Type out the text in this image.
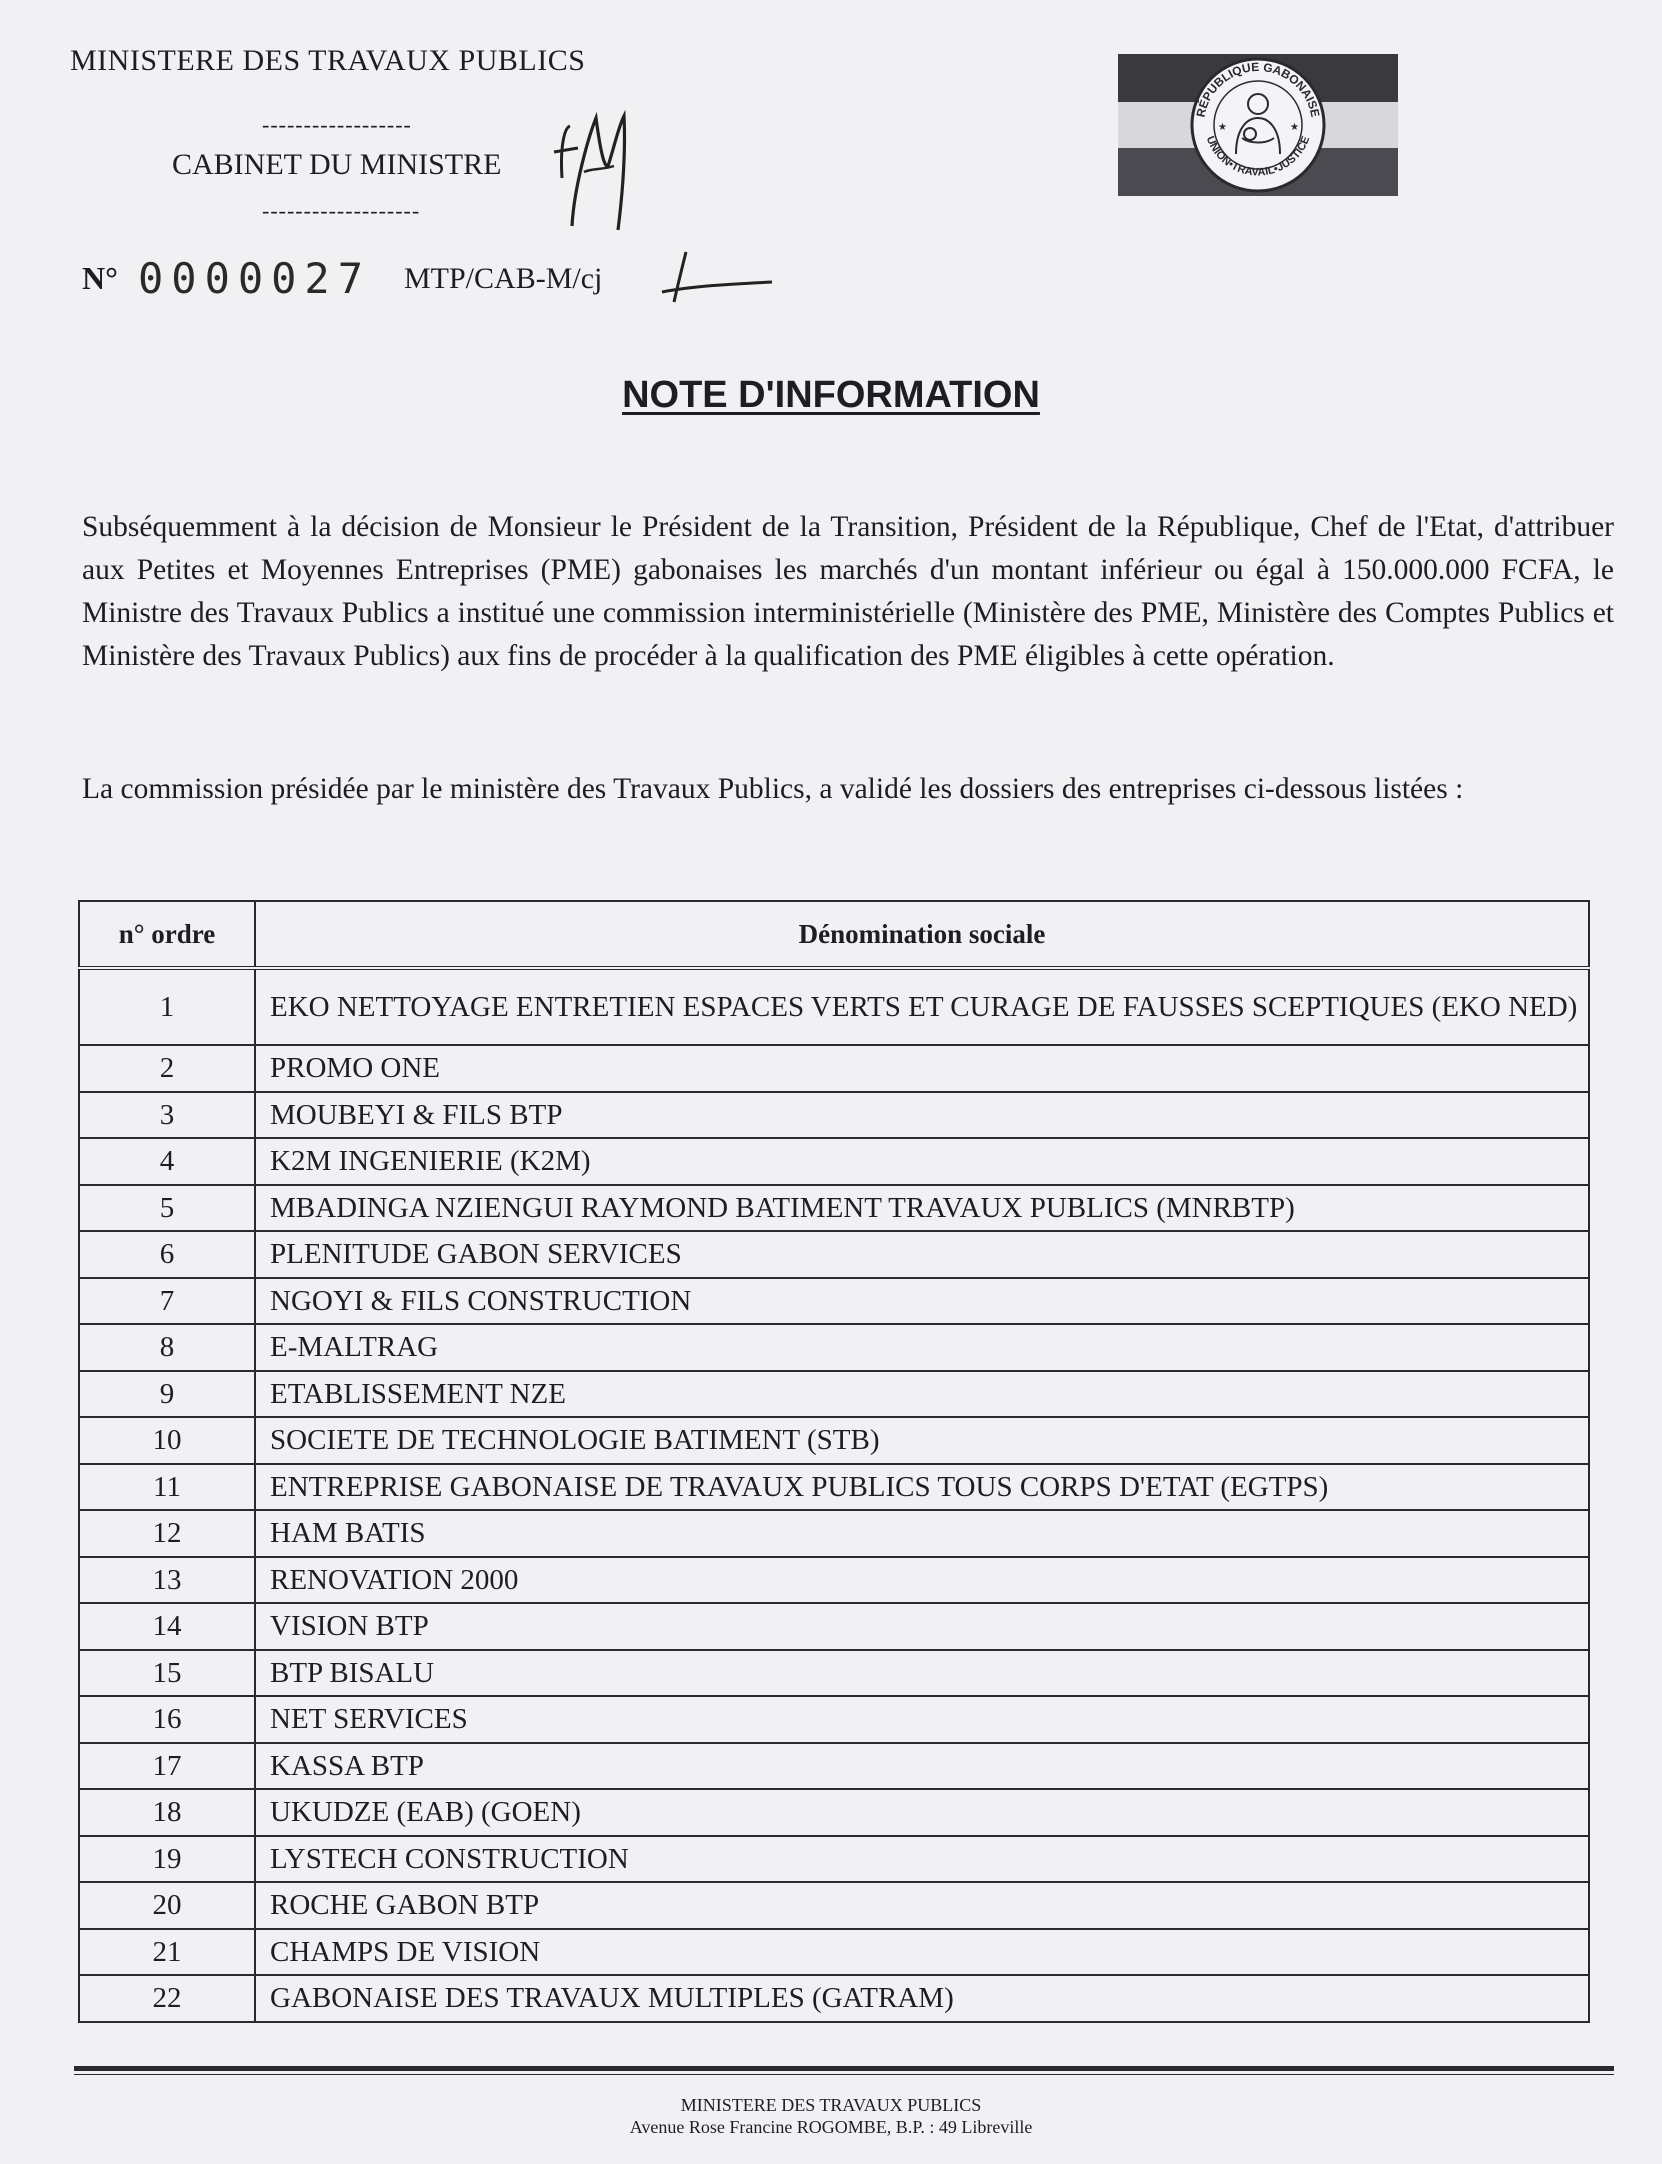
MINISTERE DES TRAVAUX PUBLICS
------------------
CABINET DU MINISTRE
-------------------
N° 0000027 MTP/CAB-M/cj
RÉPUBLIQUE GABONAISE
UNION•TRAVAIL•JUSTICE
★	★
NOTE D'INFORMATION
Subséquemment à la décision de Monsieur le Président de la Transition, Président de la République, Chef de l'Etat, d'attribuer aux Petites et Moyennes Entreprises (PME) gabonaises les marchés d'un montant inférieur ou égal à 150.000.000 FCFA, le Ministre des Travaux Publics a institué une commission interministérielle (Ministère des PME, Ministère des Comptes Publics et Ministère des Travaux Publics) aux fins de procéder à la qualification des PME éligibles à cette opération.
La commission présidée par le ministère des Travaux Publics, a validé les dossiers des entreprises ci-dessous listées :
n° ordre	Dénomination sociale
1	EKO NETTOYAGE ENTRETIEN ESPACES VERTS ET CURAGE DE FAUSSES SCEPTIQUES (EKO NED)
2	PROMO ONE
3	MOUBEYI & FILS BTP
4	K2M INGENIERIE (K2M)
5	MBADINGA NZIENGUI RAYMOND BATIMENT TRAVAUX PUBLICS (MNRBTP)
6	PLENITUDE GABON SERVICES
7	NGOYI & FILS CONSTRUCTION
8	E-MALTRAG
9	ETABLISSEMENT NZE
10	SOCIETE DE TECHNOLOGIE BATIMENT (STB)
11	ENTREPRISE GABONAISE DE TRAVAUX PUBLICS TOUS CORPS D'ETAT (EGTPS)
12	HAM BATIS
13	RENOVATION 2000
14	VISION BTP
15	BTP BISALU
16	NET SERVICES
17	KASSA BTP
18	UKUDZE (EAB) (GOEN)
19	LYSTECH CONSTRUCTION
20	ROCHE GABON BTP
21	CHAMPS DE VISION
22	GABONAISE DES TRAVAUX MULTIPLES (GATRAM)
MINISTERE DES TRAVAUX PUBLICS
Avenue Rose Francine ROGOMBE, B.P. : 49 Libreville
